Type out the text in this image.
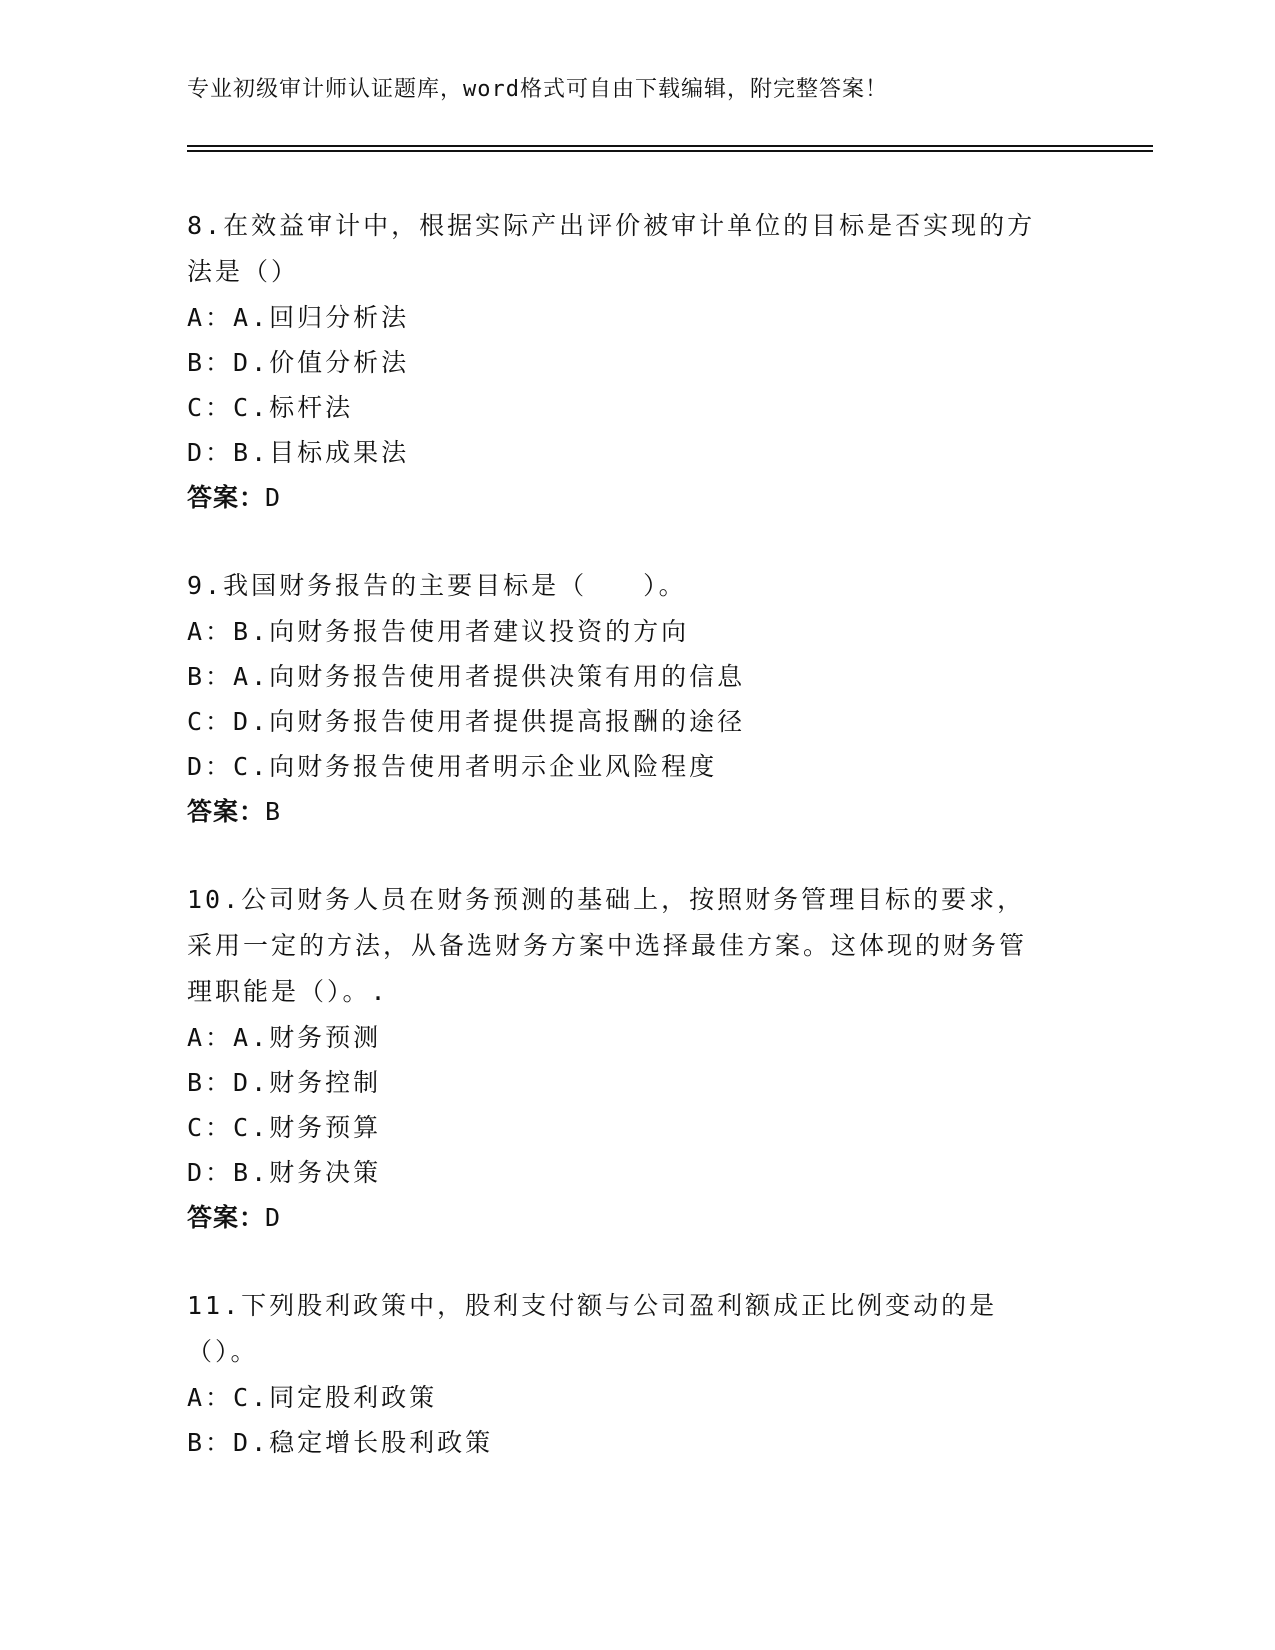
专业初级审计师认证题库，word格式可自由下载编辑，附完整答案！

8.在效益审计中，根据实际产出评价被审计单位的目标是否实现的方法是（）

A：A.回归分析法

B：D.价值分析法

C：C.标杆法

D：B.目标成果法

答案：D

9.我国财务报告的主要目标是（　　）。

A：B.向财务报告使用者建议投资的方向

B：A.向财务报告使用者提供决策有用的信息

C：D.向财务报告使用者提供提高报酬的途径

D：C.向财务报告使用者明示企业风险程度

答案：B

10.公司财务人员在财务预测的基础上，按照财务管理目标的要求，采用一定的方法，从备选财务方案中选择最佳方案。这体现的财务管理职能是（）。.

A：A.财务预测

B：D.财务控制

C：C.财务预算

D：B.财务决策

答案：D

11.下列股利政策中，股利支付额与公司盈利额成正比例变动的是（）。

A：C.同定股利政策

B：D.稳定增长股利政策
